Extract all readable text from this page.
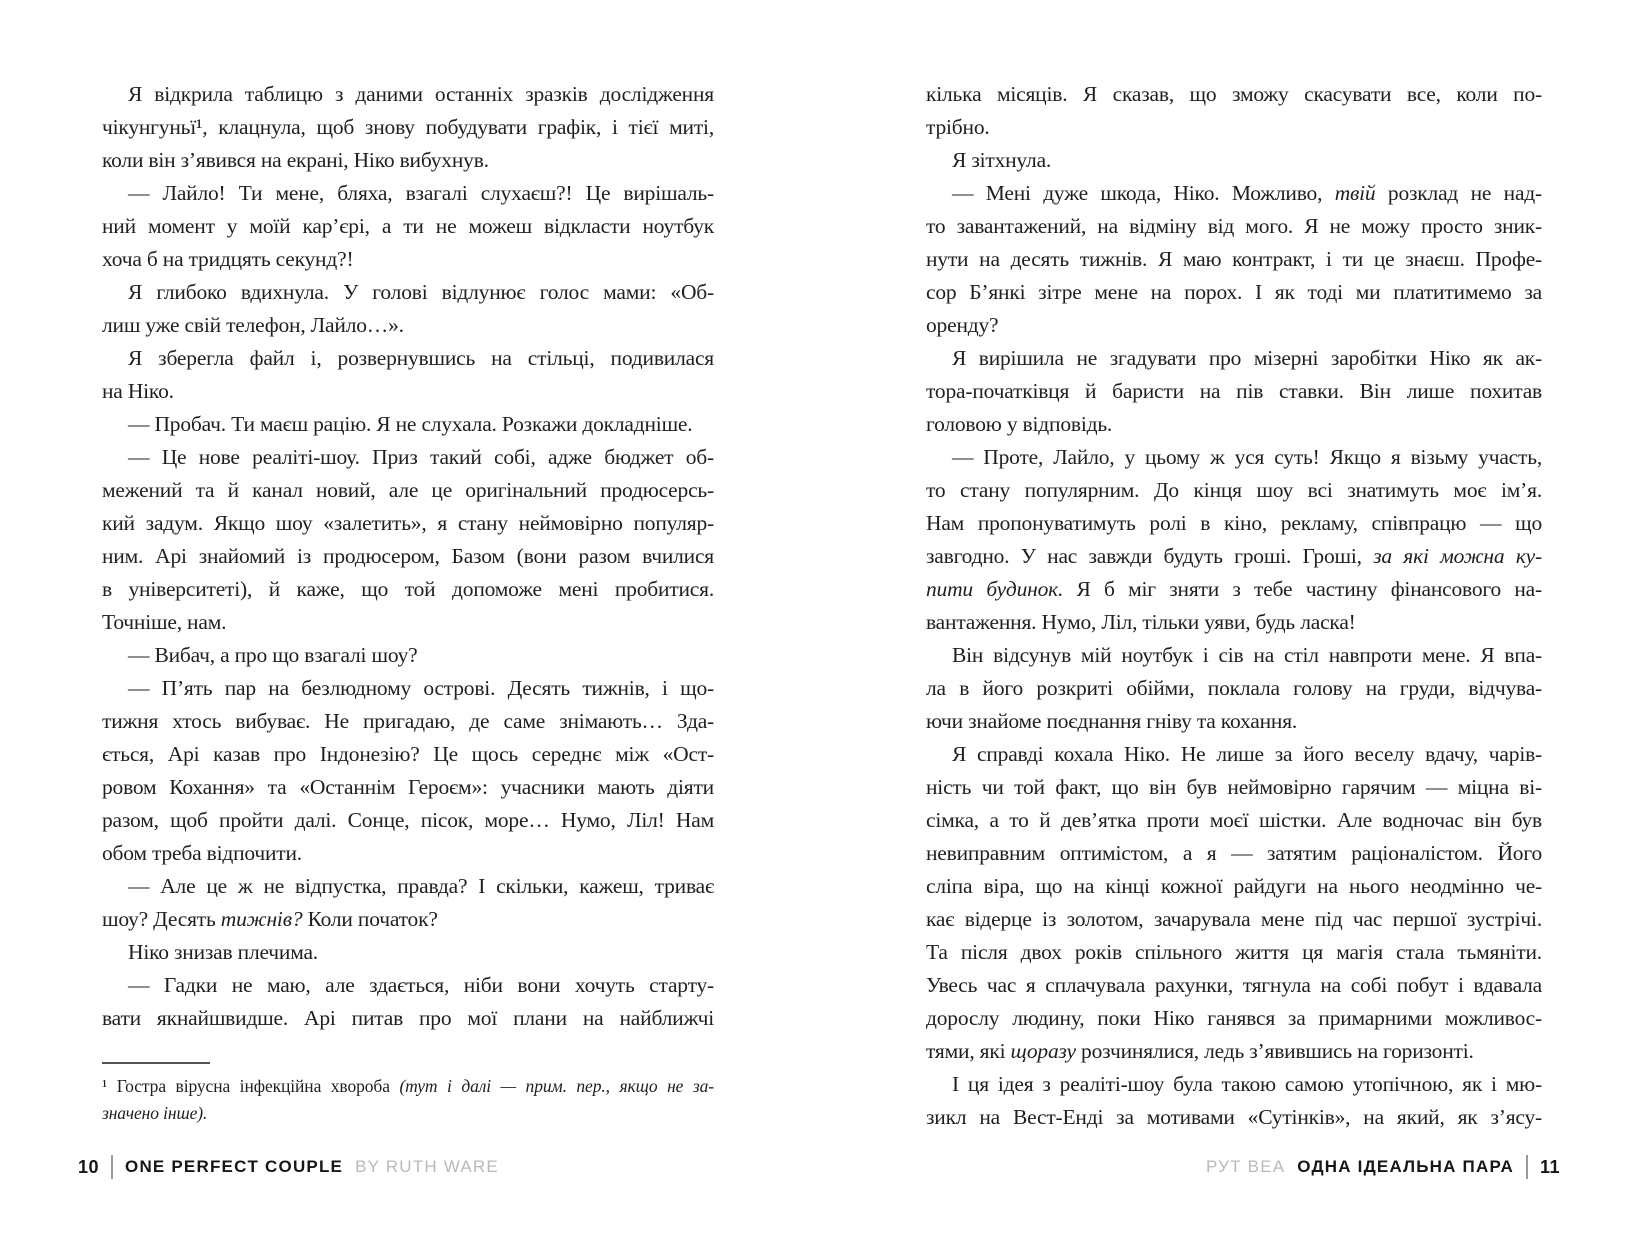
Я відкрила таблицю з даними останніх зразків дослідження
чікунгуньї¹, клацнула, щоб знову побудувати графік, і тієї миті,
коли він з’явився на екрані, Ніко вибухнув.
— Лайло! Ти мене, бляха, взагалі слухаєш?! Це вирішаль-
ний момент у моїй кар’єрі, а ти не можеш відкласти ноутбук
хоча б на тридцять секунд?!
Я глибоко вдихнула. У голові відлунює голос мами: «Об-
лиш уже свій телефон, Лайло…».
Я зберегла файл і, розвернувшись на стільці, подивилася
на Ніко.
— Пробач. Ти маєш рацію. Я не слухала. Розкажи докладніше.
— Це нове реаліті-шоу. Приз такий собі, адже бюджет об-
межений та й канал новий, але це оригінальний продюсерсь-
кий задум. Якщо шоу «залетить», я стану неймовірно популяр-
ним. Арі знайомий із продюсером, Базом (вони разом вчилися
в університеті), й каже, що той допоможе мені пробитися.
Точніше, нам.
— Вибач, а про що взагалі шоу?
— П’ять пар на безлюдному острові. Десять тижнів, і що-
тижня хтось вибуває. Не пригадаю, де саме знімають… Зда-
ється, Арі казав про Індонезію? Це щось середнє між «Ост-
ровом Кохання» та «Останнім Героєм»: учасники мають діяти
разом, щоб пройти далі. Сонце, пісок, море… Нумо, Ліл! Нам
обом треба відпочити.
— Але це ж не відпустка, правда? І скільки, кажеш, триває
шоу? Десять тижнів? Коли початок?
Ніко знизав плечима.
— Гадки не маю, але здається, ніби вони хочуть старту-
вати якнайшвидше. Арі питав про мої плани на найближчі
¹ Гостра вірусна інфекційна хвороба (тут і далі — прим. пер., якщо не за-
значено інше).
кілька місяців. Я сказав, що зможу скасувати все, коли по-
трібно.
Я зітхнула.
— Мені дуже шкода, Ніко. Можливо, твій розклад не над-
то завантажений, на відміну від мого. Я не можу просто зник-
нути на десять тижнів. Я маю контракт, і ти це знаєш. Профе-
сор Б’янкі зітре мене на порох. І як тоді ми платитимемо за
оренду?
Я вирішила не згадувати про мізерні заробітки Ніко як ак-
тора-початківця й баристи на пів ставки. Він лише похитав
головою у відповідь.
— Проте, Лайло, у цьому ж уся суть! Якщо я візьму участь,
то стану популярним. До кінця шоу всі знатимуть моє ім’я.
Нам пропонуватимуть ролі в кіно, рекламу, співпрацю — що
завгодно. У нас завжди будуть гроші. Гроші, за які можна ку-
пити будинок. Я б міг зняти з тебе частину фінансового на-
вантаження. Нумо, Ліл, тільки уяви, будь ласка!
Він відсунув мій ноутбук і сів на стіл навпроти мене. Я впа-
ла в його розкриті обійми, поклала голову на груди, відчува-
ючи знайоме поєднання гніву та кохання.
Я справді кохала Ніко. Не лише за його веселу вдачу, чарів-
ність чи той факт, що він був неймовірно гарячим — міцна ві-
сімка, а то й дев’ятка проти моєї шістки. Але водночас він був
невиправним оптимістом, а я — затятим раціоналістом. Його
сліпа віра, що на кінці кожної райдуги на нього неодмінно че-
кає відерце із золотом, зачарувала мене під час першої зустрічі.
Та після двох років спільного життя ця магія стала тьмяніти.
Увесь час я сплачувала рахунки, тягнула на собі побут і вдавала
дорослу людину, поки Ніко ганявся за примарними можливос-
тями, які щоразу розчинялися, ледь з’явившись на горизонті.
І ця ідея з реаліті-шоу була такою самою утопічною, як і мю-
зикл на Вест-Енді за мотивами «Сутінків», на який, як з’ясу-
10 ONE PERFECT COUPLE BY RUTH WARE	РУТ ВЕА ОДНА ІДЕАЛЬНА ПАРА 11
